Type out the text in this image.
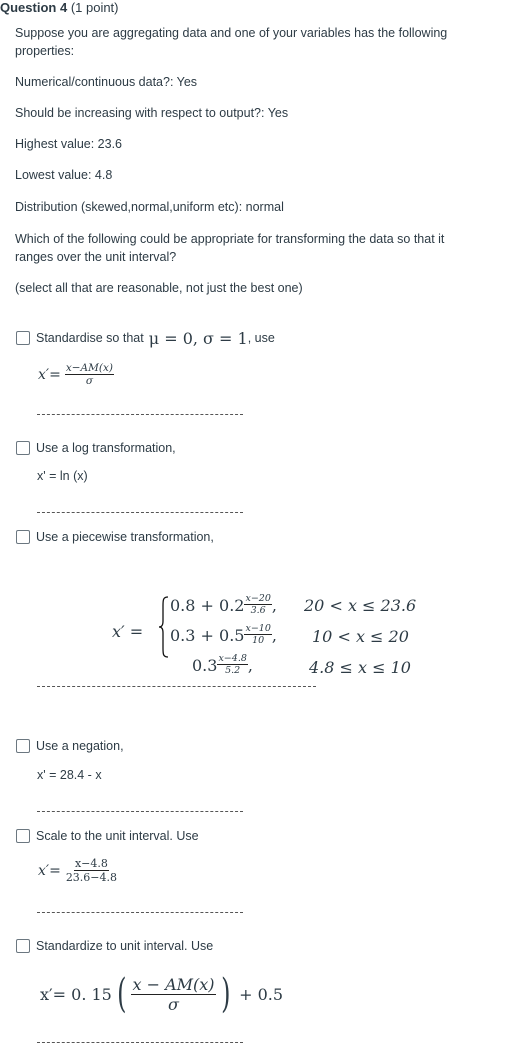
Question 4 (1 point)

Suppose you are aggregating data and one of your variables has the following properties:

Numerical/continuous data?: Yes

Should be increasing with respect to output?: Yes

Highest value: 23.6

Lowest value: 4.8

Distribution (skewed,normal,uniform etc): normal

Which of the following could be appropriate for transforming the data so that it ranges over the unit interval?

(select all that are reasonable, not just the best one)

Standardise so that μ = 0, σ = 1 , use
$x'= \frac{x-AM(x)}{\sigma}$
Use a log transformation,
x' = ln (x)
Use a piecewise transformation,
x′ =
$0.8 + 0.2 \frac{x-20}{3.6}$ ,
$0.3 + 0.5 \frac{x-10}{10}$ ,
$0.3 \frac{x-4.8}{5.2}$ ,
20 < x ≤ 23.6
10 < x ≤ 20
4.8 ≤ x ≤ 10
Use a negation,
x' = 28.4 - x
Scale to the unit interval. Use
$x'= \frac{x-4.8}{23.6-4.8}$
Standardize to unit interval. Use
x′= 0. 15 ( $\frac{x - AM(x)}{\sigma}$ ) + 0.5
